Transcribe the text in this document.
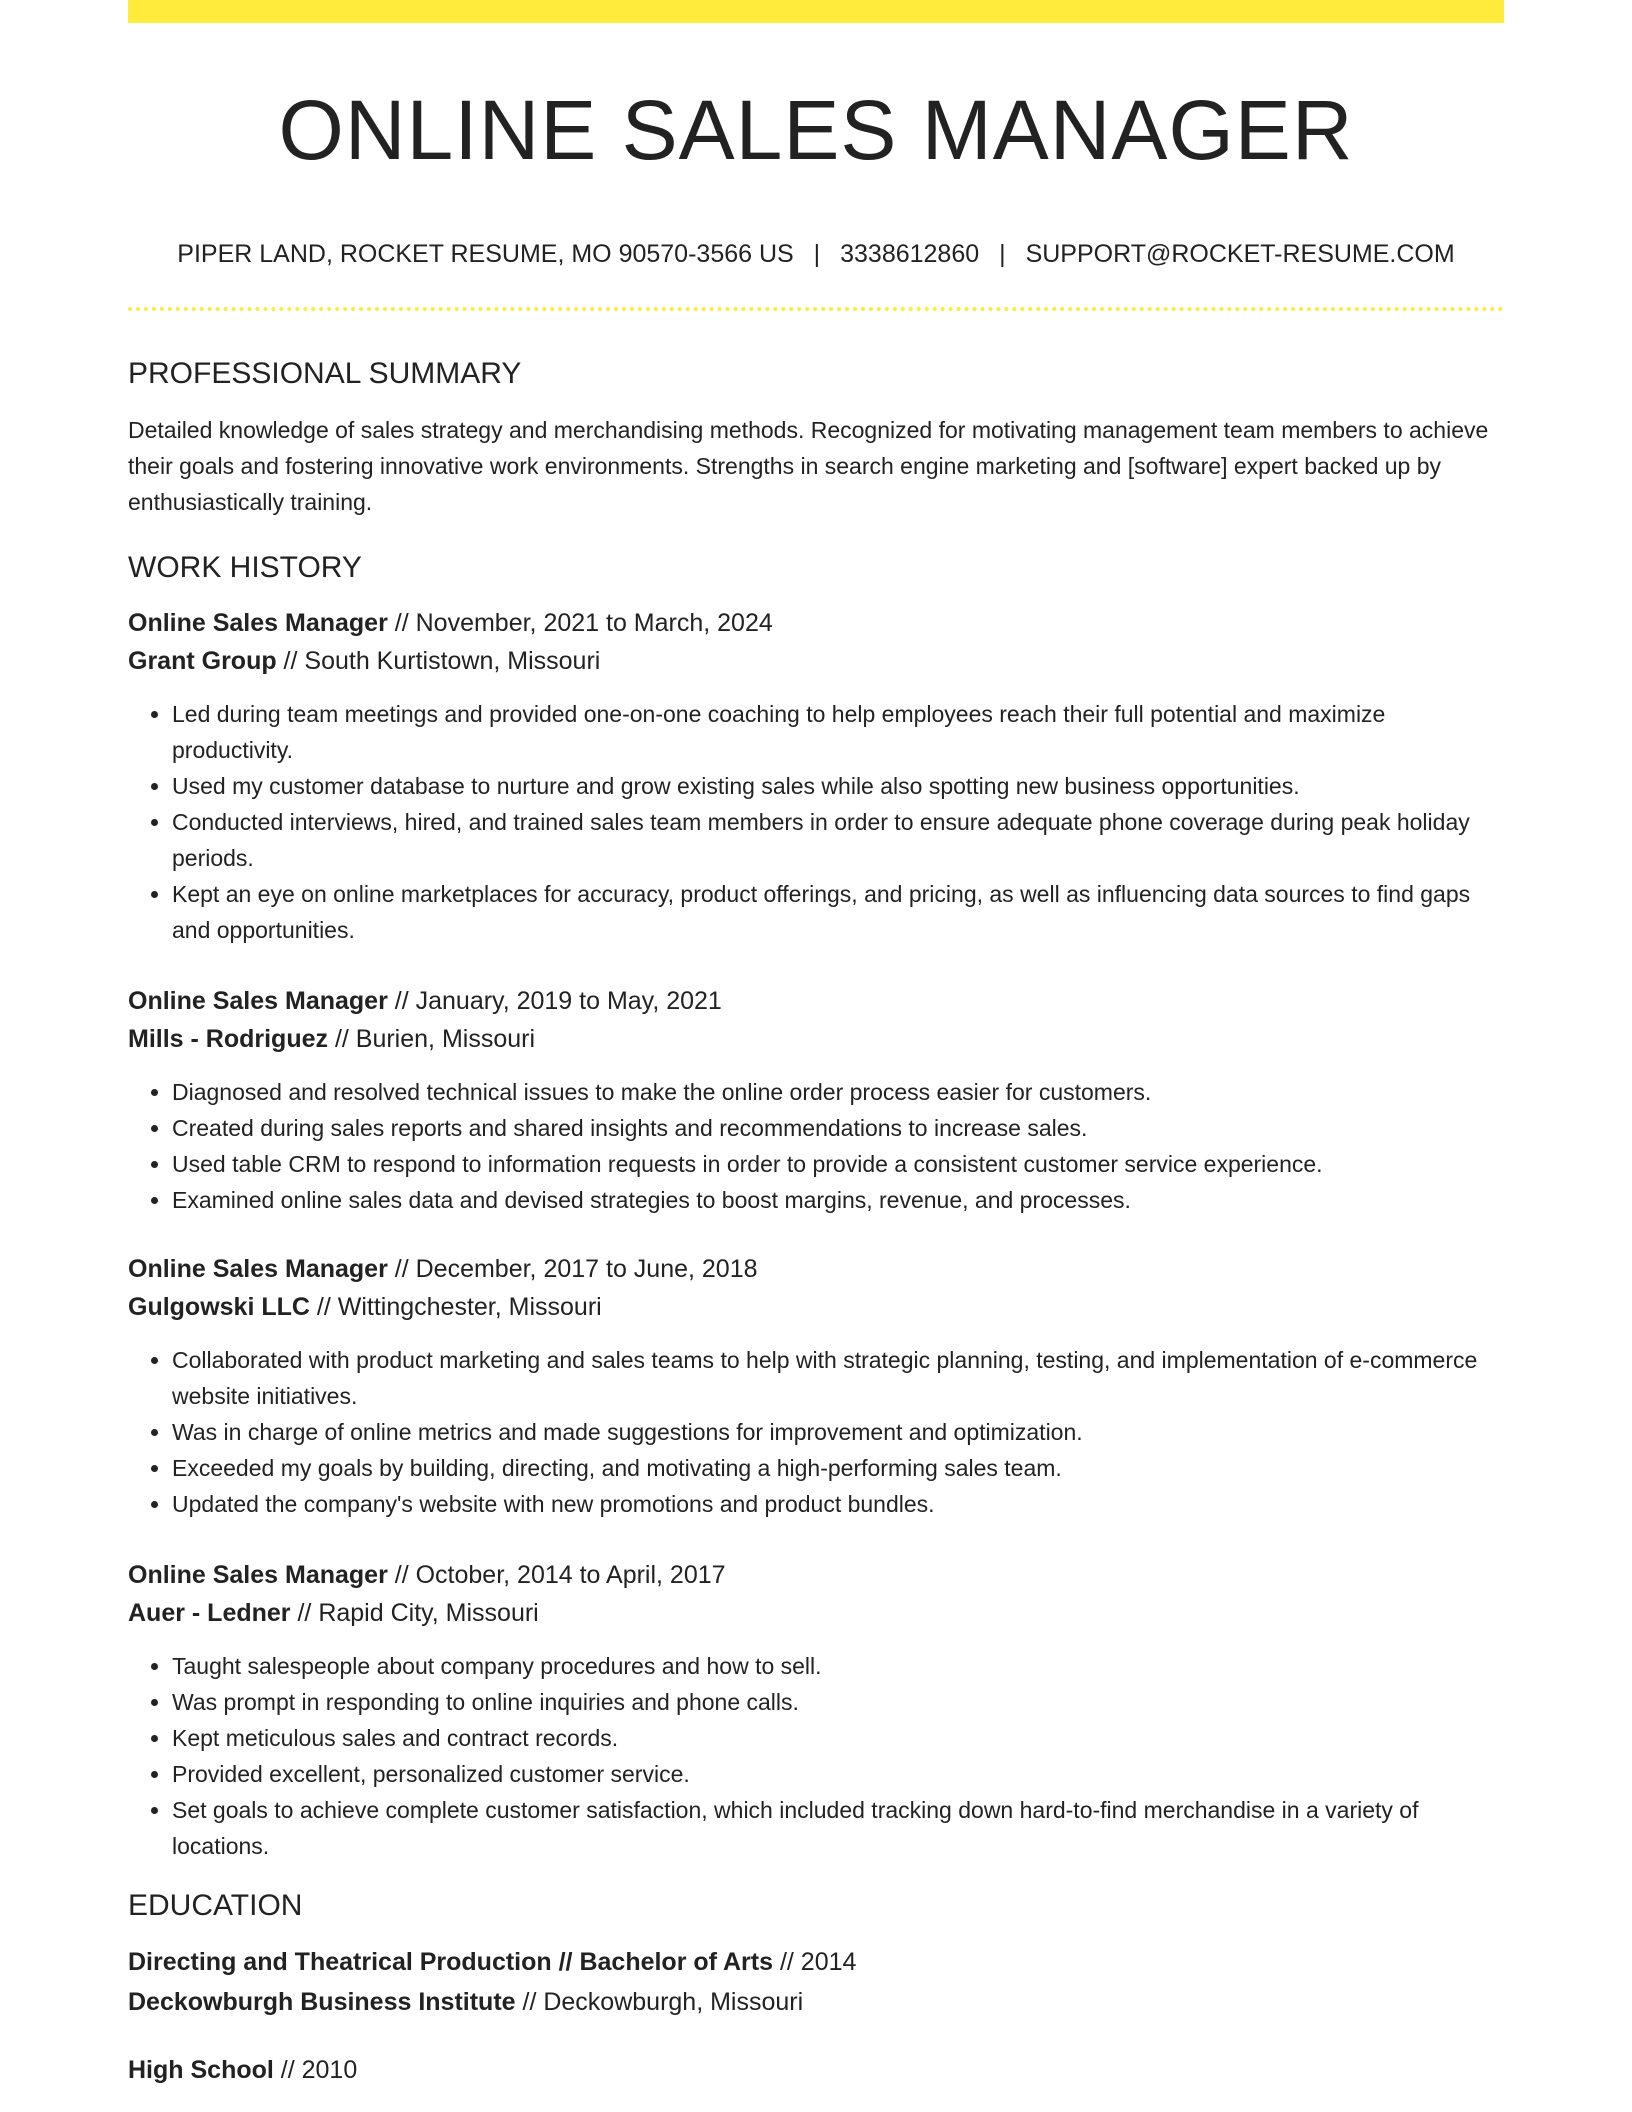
ONLINE SALES MANAGER
PIPER LAND, ROCKET RESUME, MO 90570-3566 US | 3338612860 | SUPPORT@ROCKET-RESUME.COM
PROFESSIONAL SUMMARY

Detailed knowledge of sales strategy and merchandising methods. Recognized for motivating management team members to achieve their goals and fostering innovative work environments. Strengths in search engine marketing and [software] expert backed up by enthusiastically training.

WORK HISTORY

Online Sales Manager // November, 2021 to March, 2024

Grant Group // South Kurtistown, Missouri

• Led during team meetings and provided one-on-one coaching to help employees reach their full potential and maximize productivity.
• Used my customer database to nurture and grow existing sales while also spotting new business opportunities.
• Conducted interviews, hired, and trained sales team members in order to ensure adequate phone coverage during peak holiday periods.
• Kept an eye on online marketplaces for accuracy, product offerings, and pricing, as well as influencing data sources to find gaps and opportunities.

Online Sales Manager // January, 2019 to May, 2021

Mills - Rodriguez // Burien, Missouri

• Diagnosed and resolved technical issues to make the online order process easier for customers.
• Created during sales reports and shared insights and recommendations to increase sales.
• Used table CRM to respond to information requests in order to provide a consistent customer service experience.
• Examined online sales data and devised strategies to boost margins, revenue, and processes.

Online Sales Manager // December, 2017 to June, 2018

Gulgowski LLC // Wittingchester, Missouri

• Collaborated with product marketing and sales teams to help with strategic planning, testing, and implementation of e-commerce website initiatives.
• Was in charge of online metrics and made suggestions for improvement and optimization.
• Exceeded my goals by building, directing, and motivating a high-performing sales team.
• Updated the company's website with new promotions and product bundles.

Online Sales Manager // October, 2014 to April, 2017

Auer - Ledner // Rapid City, Missouri

• Taught salespeople about company procedures and how to sell.
• Was prompt in responding to online inquiries and phone calls.
• Kept meticulous sales and contract records.
• Provided excellent, personalized customer service.
• Set goals to achieve complete customer satisfaction, which included tracking down hard-to-find merchandise in a variety of locations.
EDUCATION

Directing and Theatrical Production // Bachelor of Arts // 2014

Deckowburgh Business Institute // Deckowburgh, Missouri

High School // 2010
